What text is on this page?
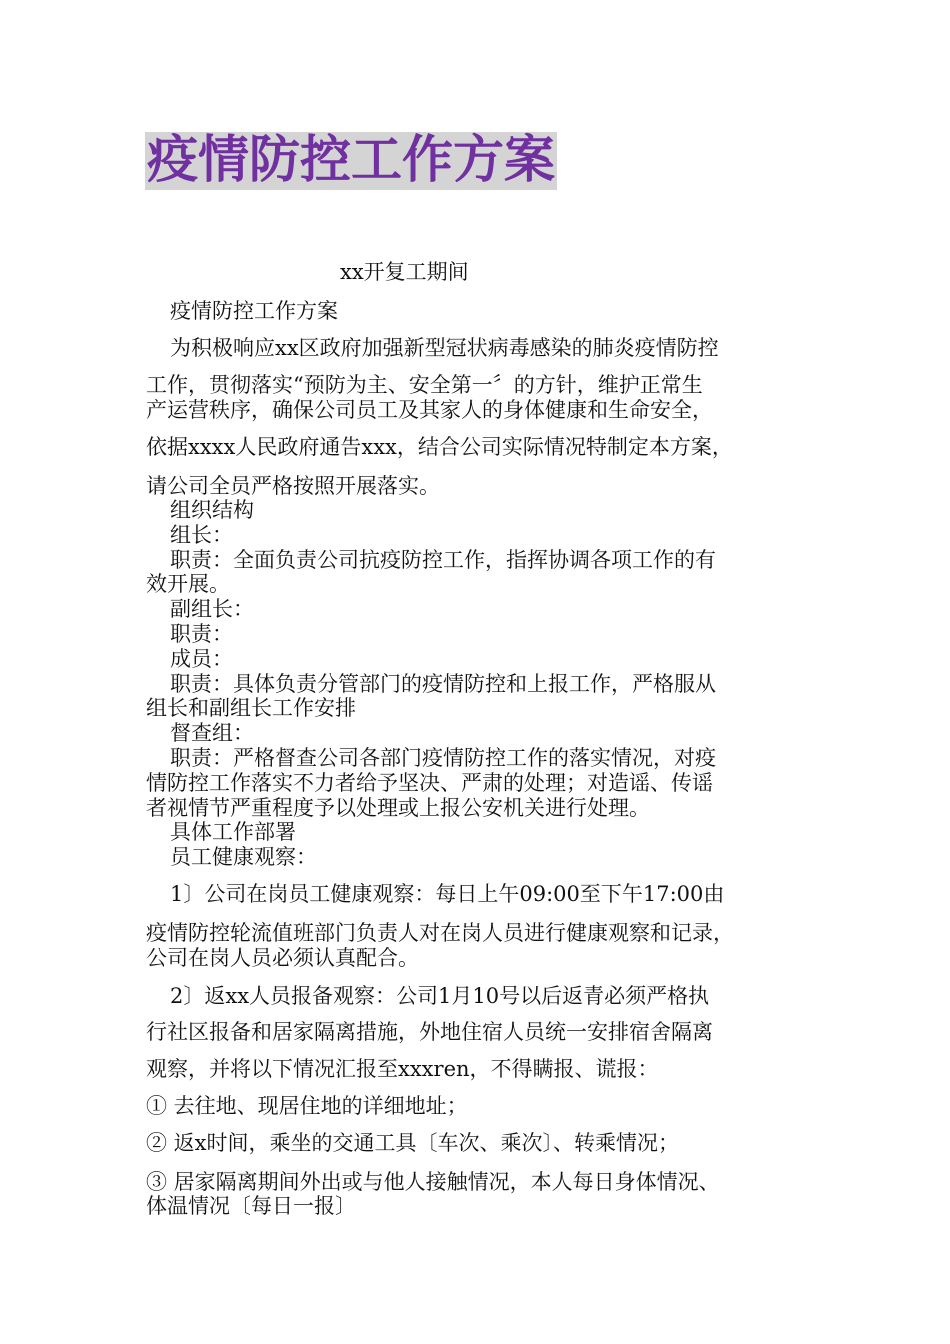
疫情防控工作方案
xx开复工期间
疫情防控工作方案
为积极响应xx区政府加强新型冠状病毒感染的肺炎疫情防控
工作，贯彻落实“预防为主、安全第一〞的方针，维护正常生
产运营秩序，确保公司员工及其家人的身体健康和生命安全，
依据xxxx人民政府通告xxx，结合公司实际情况特制定本方案，
请公司全员严格按照开展落实。
组织结构
组长：
职责：全面负责公司抗疫防控工作，指挥协调各项工作的有
效开展。
副组长：
职责：
成员：
职责：具体负责分管部门的疫情防控和上报工作，严格服从
组长和副组长工作安排
督查组：
职责：严格督查公司各部门疫情防控工作的落实情况，对疫
情防控工作落实不力者给予坚决、严肃的处理；对造谣、传谣
者视情节严重程度予以处理或上报公安机关进行处理。
具体工作部署
员工健康观察：
1〕公司在岗员工健康观察：每日上午09:00至下午17:00由
疫情防控轮流值班部门负责人对在岗人员进行健康观察和记录，
公司在岗人员必须认真配合。
2〕返xx人员报备观察：公司1月10号以后返青必须严格执
行社区报备和居家隔离措施，外地住宿人员统一安排宿舍隔离
观察，并将以下情况汇报至xxxren，不得瞒报、谎报：
① 去往地、现居住地的详细地址；
② 返x时间，乘坐的交通工具〔车次、乘次〕、转乘情况；
③ 居家隔离期间外出或与他人接触情况，本人每日身体情况、
体温情况〔每日一报〕
